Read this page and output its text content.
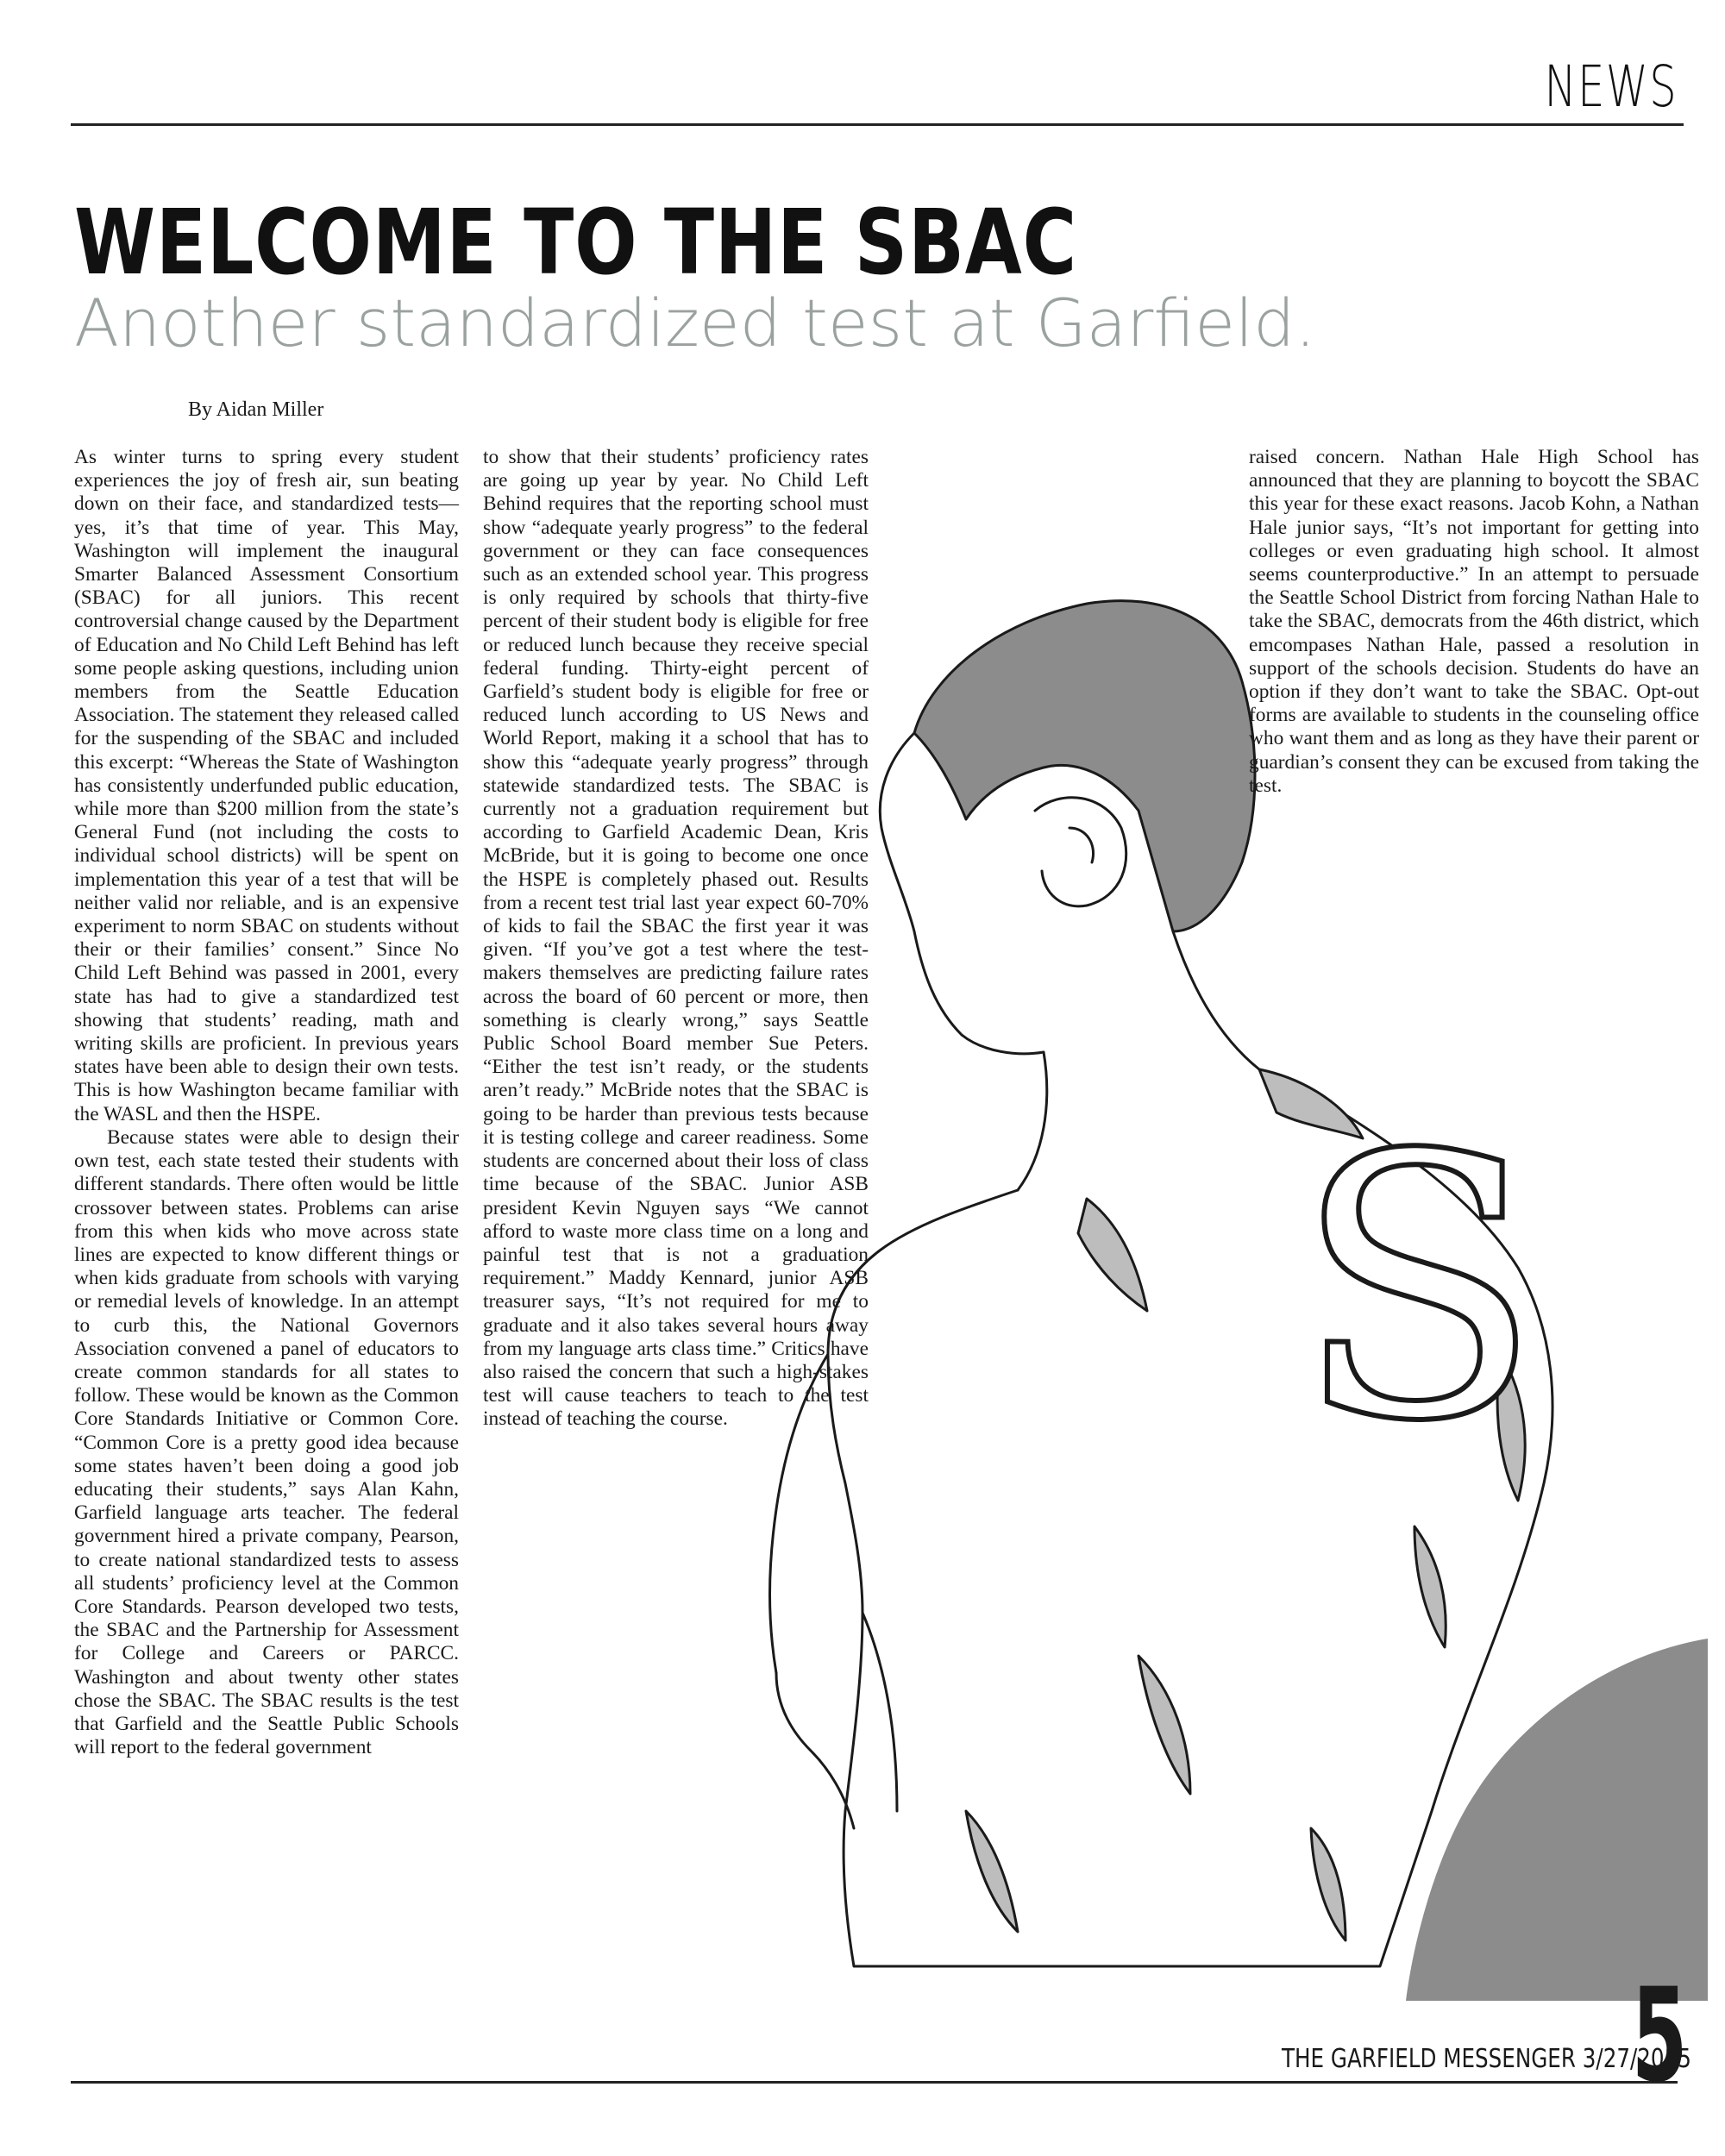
NEWS
WELCOME TO THE SBAC
Another standardized test at Garfield.
By Aidan Miller
S

As winter turns to spring every student experiences the joy of fresh air, sun beating down on their face, and standardized tests—yes, it’s that time of year. This May, Washington will implement the inaugural Smarter Balanced Assessment Consortium (SBAC) for all juniors. This recent controversial change caused by the Department of Education and No Child Left Behind has left some people asking questions, including union members from the Seattle Education Association. The statement they released called for the suspending of the SBAC and included this excerpt: “Whereas the State of Washington has consistently underfunded public education, while more than $200 million from the state’s General Fund (not including the costs to individual school districts) will be spent on implementation this year of a test that will be neither valid nor reliable, and is an expensive experiment to norm SBAC on students without their or their families’ consent.” Since No Child Left Behind was passed in 2001, every state has had to give a standardized test showing that students’ reading, math and writing skills are proficient. In previous years states have been able to design their own tests. This is how Washington became familiar with the WASL and then the HSPE.

Because states were able to design their own test, each state tested their students with different standards. There often would be little crossover between states. Problems can arise from this when kids who move across state lines are expected to know different things or when kids graduate from schools with varying or remedial levels of knowledge. In an attempt to curb this, the National Governors Association convened a panel of educators to create common standards for all states to follow. These would be known as the Common Core Standards Initiative or Common Core. “Common Core is a pretty good idea because some states haven’t been doing a good job educating their students,” says Alan Kahn, Garfield language arts teacher. The federal government hired a private company, Pearson, to create national standardized tests to assess all students’ proficiency level at the Common Core Standards. Pearson developed two tests, the SBAC and the Partnership for Assessment for College and Careers or PARCC. Washington and about twenty other states chose the SBAC. The SBAC results is the test that Garfield and the Seattle Public Schools will report to the federal government

to show that their students’ proficiency rates are going up year by year. No Child Left Behind requires that the reporting school must show “adequate yearly progress” to the federal government or they can face consequences such as an extended school year. This progress is only required by schools that thirty-five percent of their student body is eligible for free or reduced lunch because they receive special federal funding. Thirty-eight percent of Garfield’s student body is eligible for free or reduced lunch according to US News and World Report, making it a school that has to show this “adequate yearly progress” through statewide standardized tests. The SBAC is currently not a graduation requirement but according to Garfield Academic Dean, Kris McBride, but it is going to become one once the HSPE is completely phased out. Results from a recent test trial last year expect 60-70% of kids to fail the SBAC the first year it was given. “If you’ve got a test where the test-makers themselves are predicting failure rates across the board of 60 percent or more, then something is clearly wrong,” says Seattle Public School Board member Sue Peters. “Either the test isn’t ready, or the students aren’t ready.” McBride notes that the SBAC is going to be harder than previous tests because it is testing college and career readiness. Some students are concerned about their loss of class time because of the SBAC. Junior ASB president Kevin Nguyen says “We cannot afford to waste more class time on a long and painful test that is not a graduation requirement.” Maddy Kennard, junior ASB treasurer says, “It’s not required for me to graduate and it also takes several hours away from my language arts class time.” Critics have also raised the concern that such a high-stakes test will cause teachers to teach to the test instead of teaching the course.

raised concern. Nathan Hale High School has announced that they are planning to boycott the SBAC this year for these exact reasons. Jacob Kohn, a Nathan Hale junior says, “It’s not important for getting into colleges or even graduating high school. It almost seems counterproductive.” In an attempt to persuade the Seattle School District from forcing Nathan Hale to take the SBAC, democrats from the 46th district, which emcompases Nathan Hale, passed a resolution in support of the schools decision. Students do have an option if they don’t want to take the SBAC. Opt-out forms are available to students in the counseling office who want them and as long as they have their parent or guardian’s consent they can be excused from taking the test.

THE GARFIELD MESSENGER 3/27/2015
5
